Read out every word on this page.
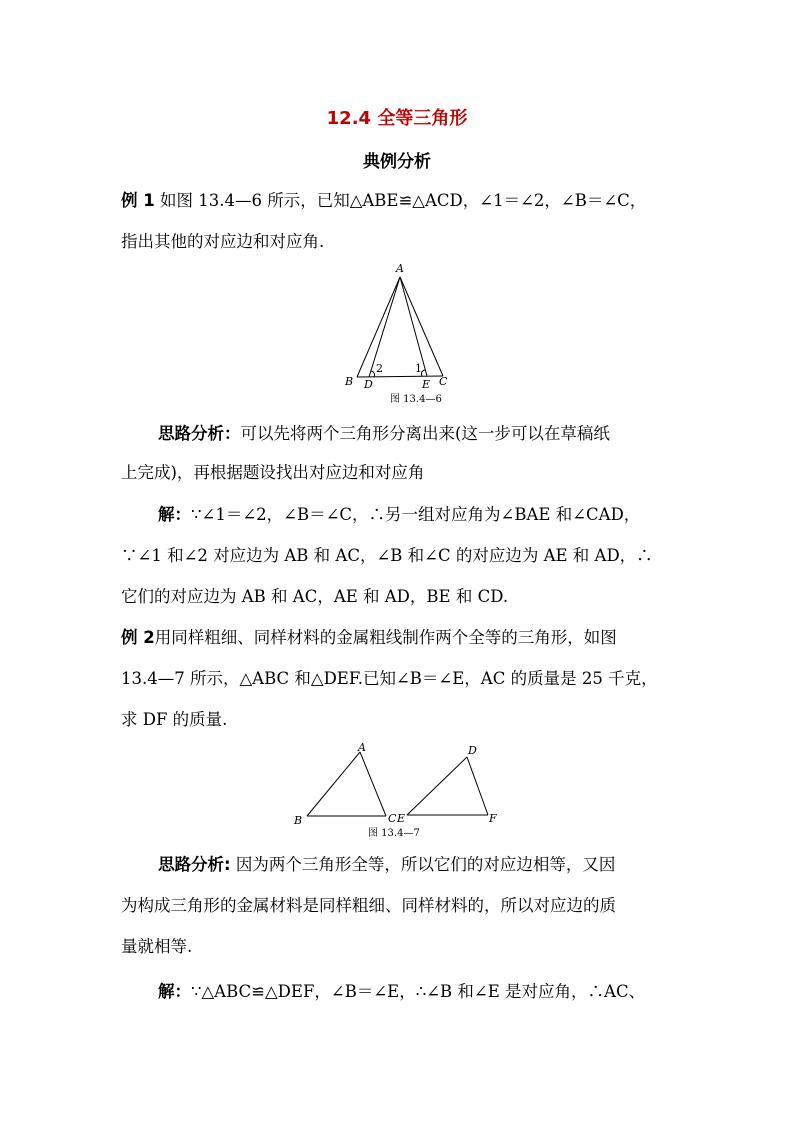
12.4 全等三角形
典例分析
例 1 如图 13.4—6 所示，已知△ABE≌△ACD，∠1＝∠2，∠B＝∠C，
指出其他的对应边和对应角.
A
B D
2	1
E C
图 13.4—6
思路分析：可以先将两个三角形分离出来(这一步可以在草稿纸
上完成)，再根据题设找出对应边和对应角
解：∵∠1＝∠2，∠B＝∠C，∴另一组对应角为∠BAE 和∠CAD，
∵∠1 和∠2 对应边为 AB 和 AC，∠B 和∠C 的对应边为 AE 和 AD，∴
它们的对应边为 AB 和 AC，AE 和 AD，BE 和 CD.
例 2用同样粗细、同样材料的金属粗线制作两个全等的三角形，如图
13.4—7 所示，△ABC 和△DEF.已知∠B＝∠E，AC 的质量是 25 千克，
求 DF 的质量.
A
B	C
D
E	F
图 13.4—7
思路分析: 因为两个三角形全等，所以它们的对应边相等，又因
为构成三角形的金属材料是同样粗细、同样材料的，所以对应边的质
量就相等.
解：∵△ABC≌△DEF，∠B＝∠E，∴∠B 和∠E 是对应角，∴AC、
